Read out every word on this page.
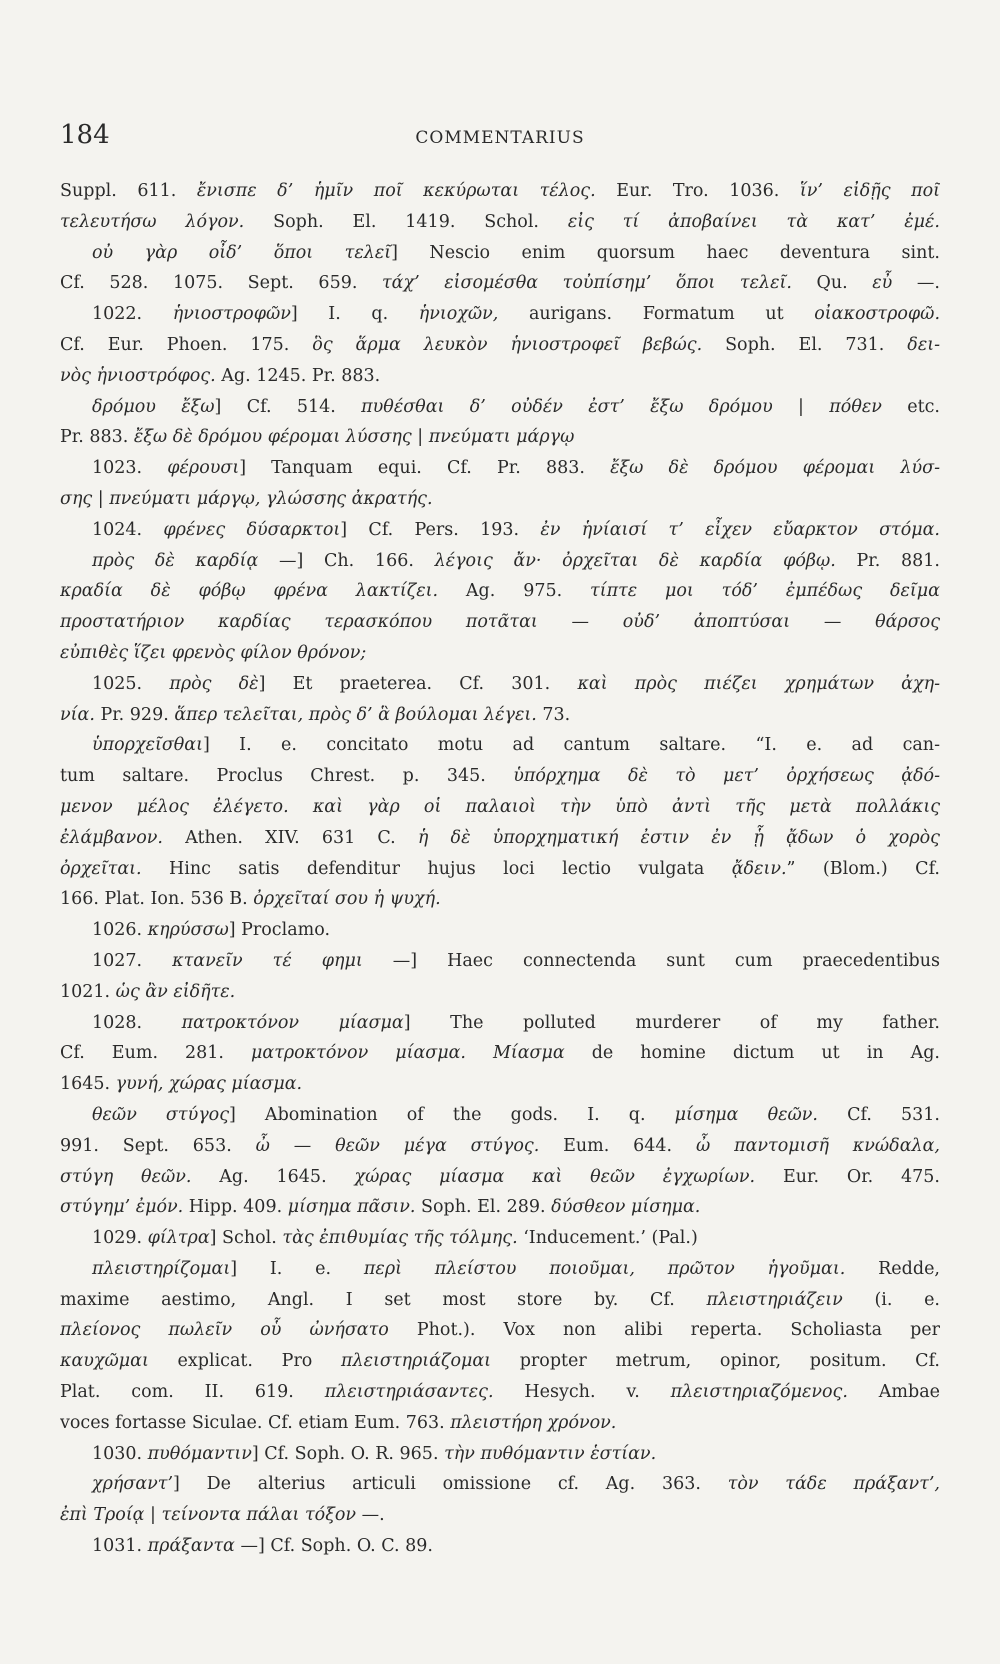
184	COMMENTARIUS
Suppl. 611. ἔνισπε δ’ ἡμῖν ποῖ κεκύρωται τέλος. Eur. Tro. 1036. ἵν’ εἰδῇς ποῖ
τελευτήσω λόγον. Soph. El. 1419. Schol. εἰς τί ἀποβαίνει τὰ κατ’ ἐμέ.
οὐ γὰρ οἶδ’ ὅποι τελεῖ] Nescio enim quorsum haec deventura sint.
Cf. 528. 1075. Sept. 659. τάχ’ εἰσομέσθα τοὐπίσημ’ ὅποι τελεῖ. Qu. εὖ —.
1022. ἡνιοστροφῶν] I. q. ἡνιοχῶν, aurigans. Formatum ut οἰακοστροφῶ.
Cf. Eur. Phoen. 175. ὃς ἅρμα λευκὸν ἡνιοστροφεῖ βεβώς. Soph. El. 731. δει-
νὸς ἡνιοστρόφος. Ag. 1245. Pr. 883.
δρόμου ἔξω] Cf. 514. πυθέσθαι δ’ οὐδέν ἐστ’ ἔξω δρόμου | πόθεν etc.
Pr. 883. ἔξω δὲ δρόμου φέρομαι λύσσης | πνεύματι μάργῳ
1023. φέρουσι] Tanquam equi. Cf. Pr. 883. ἔξω δὲ δρόμου φέρομαι λύσ-
σης | πνεύματι μάργῳ, γλώσσης ἀκρατής.
1024. φρένες δύσαρκτοι] Cf. Pers. 193. ἐν ἡνίαισί τ’ εἶχεν εὔαρκτον στόμα.
πρὸς δὲ καρδίᾳ —] Ch. 166. λέγοις ἄν· ὀρχεῖται δὲ καρδία φόβῳ. Pr. 881.
κραδία δὲ φόβῳ φρένα λακτίζει. Ag. 975. τίπτε μοι τόδ’ ἐμπέδως δεῖμα
προστατήριον καρδίας τερασκόπου ποτᾶται — οὐδ’ ἀποπτύσαι — θάρσος
εὐπιθὲς ἵζει φρενὸς φίλον θρόνον;
1025. πρὸς δὲ] Et praeterea. Cf. 301. καὶ πρὸς πιέζει χρημάτων ἀχη-
νία. Pr. 929. ἅπερ τελεῖται, πρὸς δ’ ἃ βούλομαι λέγει. 73.
ὑπορχεῖσθαι] I. e. concitato motu ad cantum saltare. “I. e. ad can-
tum saltare. Proclus Chrest. p. 345. ὑπόρχημα δὲ τὸ μετ’ ὀρχήσεως ᾀδό-
μενον μέλος ἐλέγετο. καὶ γὰρ οἱ παλαιοὶ τὴν ὑπὸ ἀντὶ τῆς μετὰ πολλάκις
ἐλάμβανον. Athen. XIV. 631 C. ἡ δὲ ὑπορχηματική ἐστιν ἐν ᾗ ᾄδων ὁ χορὸς
ὀρχεῖται. Hinc satis defenditur hujus loci lectio vulgata ᾄδειν.” (Blom.) Cf.
166. Plat. Ion. 536 B. ὀρχεῖταί σου ἡ ψυχή.
1026. κηρύσσω] Proclamo.
1027. κτανεῖν τέ φημι —] Haec connectenda sunt cum praecedentibus
1021. ὡς ἂν εἰδῆτε.
1028. πατροκτόνον μίασμα] The polluted murderer of my father.
Cf. Eum. 281. ματροκτόνον μίασμα. Μίασμα de homine dictum ut in Ag.
1645. γυνή, χώρας μίασμα.
θεῶν στύγος] Abomination of the gods. I. q. μίσημα θεῶν. Cf. 531.
991. Sept. 653. ὦ — θεῶν μέγα στύγος. Eum. 644. ὦ παντομισῆ κνώδαλα,
στύγη θεῶν. Ag. 1645. χώρας μίασμα καὶ θεῶν ἐγχωρίων. Eur. Or. 475.
στύγημ’ ἐμόν. Hipp. 409. μίσημα πᾶσιν. Soph. El. 289. δύσθεον μίσημα.
1029. φίλτρα] Schol. τὰς ἐπιθυμίας τῆς τόλμης. ‘Inducement.’ (Pal.)
πλειστηρίζομαι] I. e. περὶ πλείστου ποιοῦμαι, πρῶτον ἡγοῦμαι. Redde,
maxime aestimo, Angl. I set most store by. Cf. πλειστηριάζειν (i. e.
πλείονος πωλεῖν οὗ ὠνήσατο Phot.). Vox non alibi reperta. Scholiasta per
καυχῶμαι explicat. Pro πλειστηριάζομαι propter metrum, opinor, positum. Cf.
Plat. com. II. 619. πλειστηριάσαντες. Hesych. v. πλειστηριαζόμενος. Ambae
voces fortasse Siculae. Cf. etiam Eum. 763. πλειστήρη χρόνον.
1030. πυθόμαντιν] Cf. Soph. O. R. 965. τὴν πυθόμαντιν ἑστίαν.
χρήσαντ’] De alterius articuli omissione cf. Ag. 363. τὸν τάδε πράξαντ’,
ἐπὶ Τροίᾳ | τείνοντα πάλαι τόξον —.
1031. πράξαντα —] Cf. Soph. O. C. 89.
